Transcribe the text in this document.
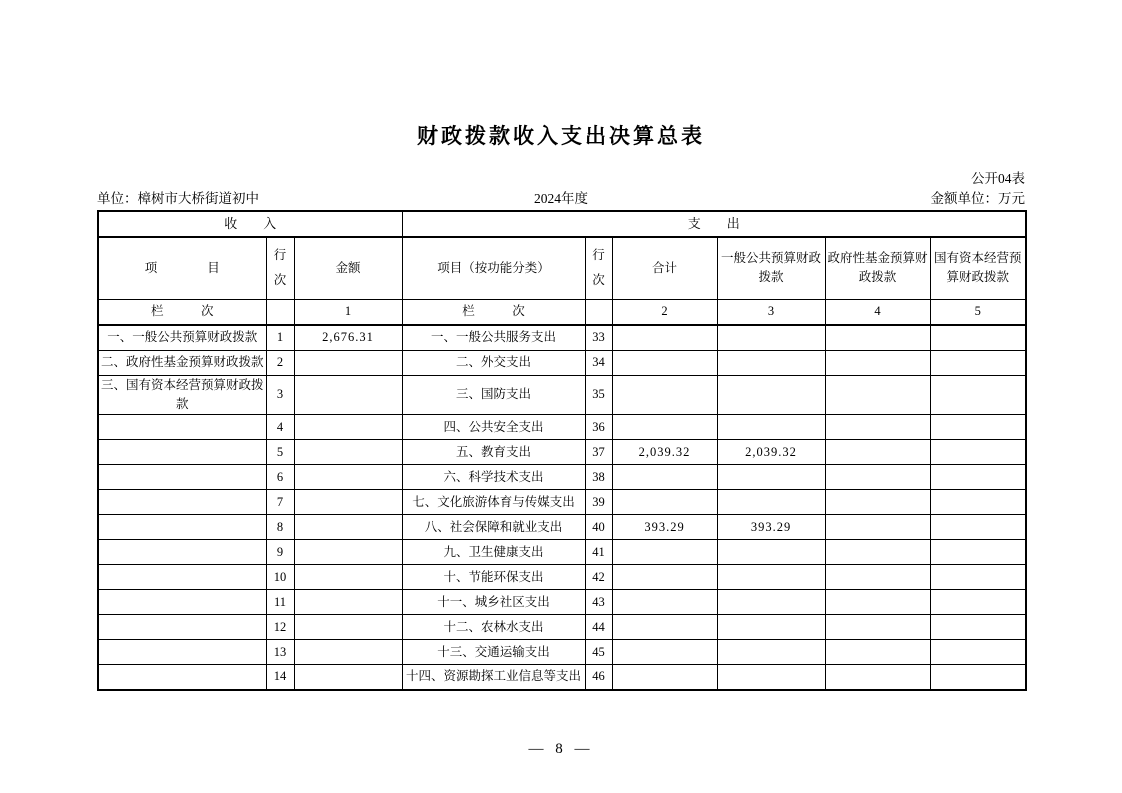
财政拨款收入支出决算总表
公开04表
单位：樟树市大桥街道初中	2024年度	金额单位：万元
收　　入			支　　出					
项　　　　目	行次	金额	项目（按功能分类）	行次	合计	一般公共预算财政拨款	政府性基金预算财政拨款	国有资本经营预算财政拨款
栏　　　次		1	栏　　　次		2	3	4	5
一、一般公共预算财政拨款	1	2,676.31	一、一般公共服务支出	33				
二、政府性基金预算财政拨款	2		二、外交支出	34				
三、国有资本经营预算财政拨款	3		三、国防支出	35				
	4		四、公共安全支出	36				
	5		五、教育支出	37	2,039.32	2,039.32		
	6		六、科学技术支出	38				
	7		七、文化旅游体育与传媒支出	39				
	8		八、社会保障和就业支出	40	393.29	393.29		
	9		九、卫生健康支出	41				
	10		十、节能环保支出	42				
	11		十一、城乡社区支出	43				
	12		十二、农林水支出	44				
	13		十三、交通运输支出	45				
	14		十四、资源勘探工业信息等支出	46				
— 8 —
